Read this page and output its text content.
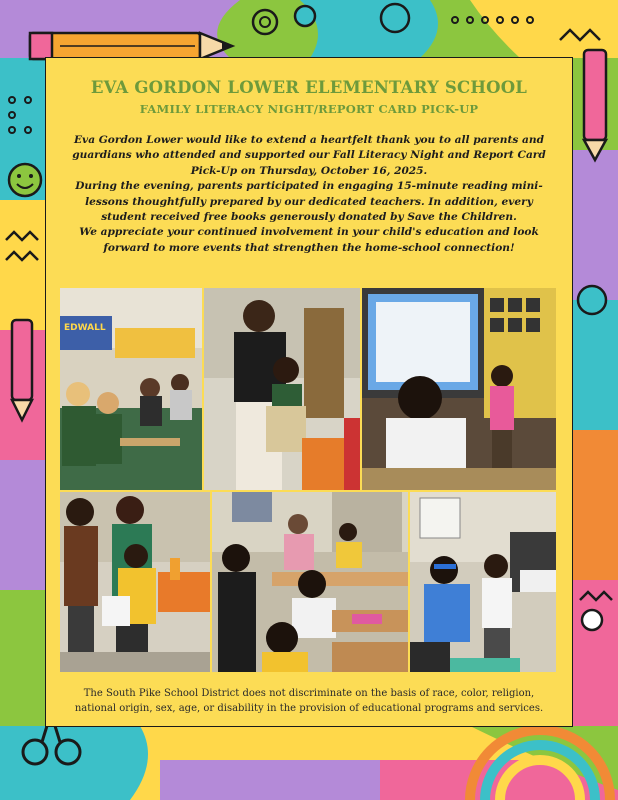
EVA GORDON LOWER ELEMENTARY SCHOOL
FAMILY LITERACY NIGHT/REPORT CARD PICK-UP

Eva Gordon Lower would like to extend a heartfelt thank you to all parents and guardians who attended and supported our Fall Literacy Night and Report Card Pick-Up on Thursday, October 16, 2025.

During the evening, parents participated in engaging 15-minute reading mini-lessons thoughtfully prepared by our dedicated teachers. In addition, every student received free books generously donated by Save the Children.

We appreciate your continued involvement in your child's education and look forward to more events that strengthen the home-school connection!

EDWALL
The South Pike School District does not discriminate on the basis of race, color, religion, national origin, sex, age, or disability in the provision of educational programs and services.
